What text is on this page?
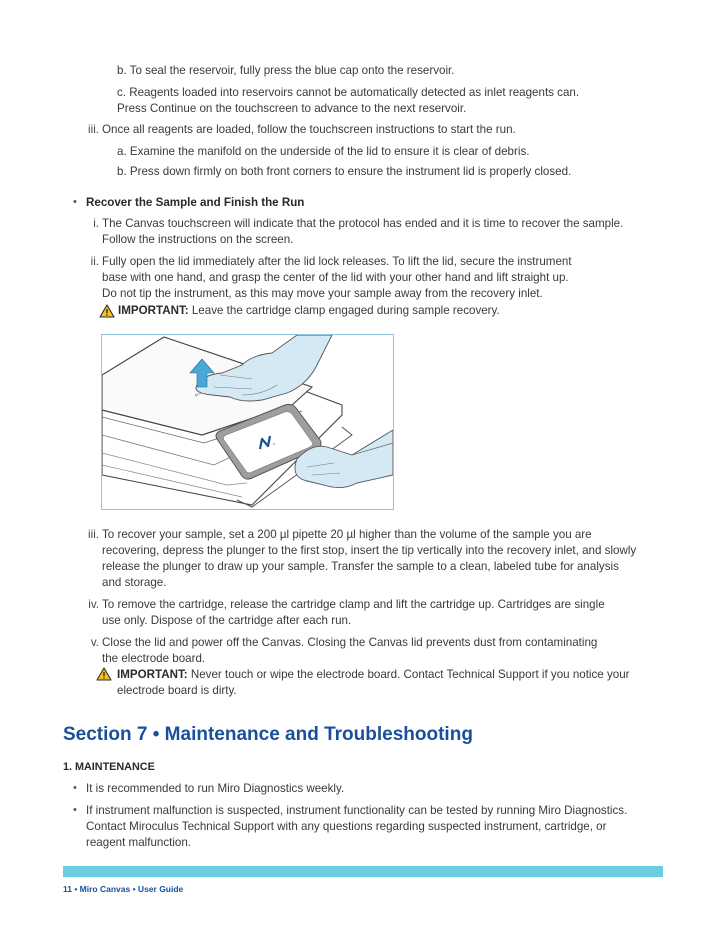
b. To seal the reservoir, fully press the blue cap onto the reservoir.

c. Reagents loaded into reservoirs cannot be automatically detected as inlet reagents can.

Press Continue on the touchscreen to advance to the next reservoir.

iii. Once all reagents are loaded, follow the touchscreen instructions to start the run.

a. Examine the manifold on the underside of the lid to ensure it is clear of debris.

b. Press down firmly on both front corners to ensure the instrument lid is properly closed.

• Recover the Sample and Finish the Run

i. The Canvas touchscreen will indicate that the protocol has ended and it is time to recover the sample.

Follow the instructions on the screen.

ii. Fully open the lid immediately after the lid lock releases. To lift the lid, secure the instrument

base with one hand, and grasp the center of the lid with your other hand and lift straight up.

Do not tip the instrument, as this may move your sample away from the recovery inlet.

IMPORTANT: Leave the cartridge clamp engaged during sample recovery.

iii. To recover your sample, set a 200 µl pipette 20 µl higher than the volume of the sample you are

recovering, depress the plunger to the first stop, insert the tip vertically into the recovery inlet, and slowly

release the plunger to draw up your sample. Transfer the sample to a clean, labeled tube for analysis

and storage.

iv. To remove the cartridge, release the cartridge clamp and lift the cartridge up. Cartridges are single

use only. Dispose of the cartridge after each run.

v. Close the lid and power off the Canvas. Closing the Canvas lid prevents dust from contaminating

the electrode board.

IMPORTANT: Never touch or wipe the electrode board. Contact Technical Support if you notice your

electrode board is dirty.

Section 7 • Maintenance and Troubleshooting

1. MAINTENANCE

• It is recommended to run Miro Diagnostics weekly.

• If instrument malfunction is suspected, instrument functionality can be tested by running Miro Diagnostics.

Contact Miroculus Technical Support with any questions regarding suspected instrument, cartridge, or

reagent malfunction.

11 • Miro Canvas • User Guide
